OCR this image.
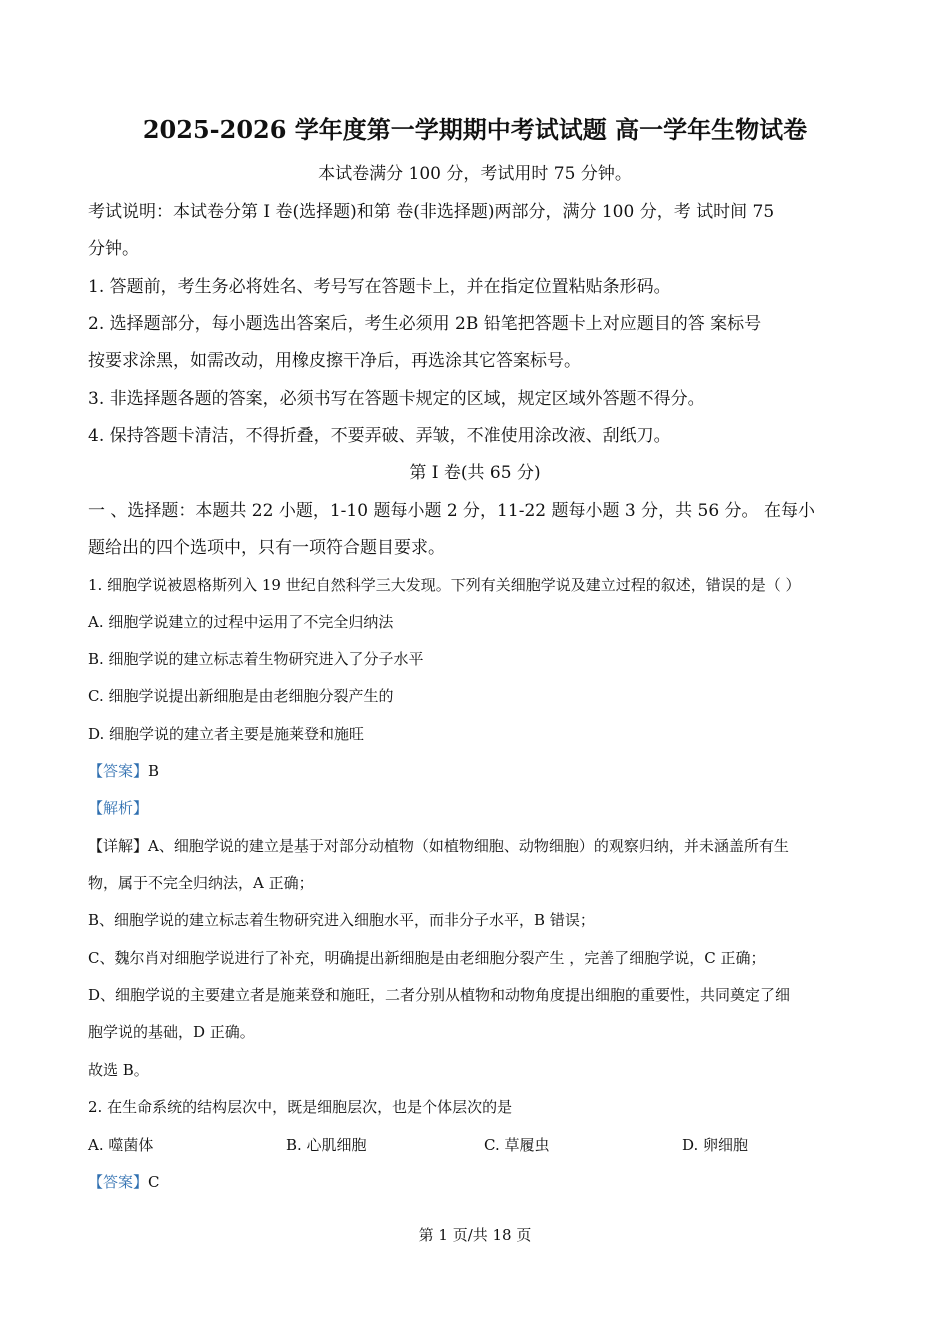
2025-2026 学年度第一学期期中考试试题 高一学年生物试卷
本试卷满分 100 分，考试用时 75 分钟。
考试说明：本试卷分第 I 卷(选择题)和第 卷(非选择题)两部分，满分 100 分，考 试时间 75
分钟。
1. 答题前，考生务必将姓名、考号写在答题卡上，并在指定位置粘贴条形码。
2. 选择题部分，每小题选出答案后，考生必须用 2B 铅笔把答题卡上对应题目的答 案标号
按要求涂黑，如需改动，用橡皮擦干净后，再选涂其它答案标号。
3. 非选择题各题的答案，必须书写在答题卡规定的区域，规定区域外答题不得分。
4. 保持答题卡清洁，不得折叠，不要弄破、弄皱，不准使用涂改液、刮纸刀。
第 I 卷(共 65 分)
一 、选择题：本题共 22 小题，1-10 题每小题 2 分，11-22 题每小题 3 分，共 56 分。 在每小
题给出的四个选项中，只有一项符合题目要求。
1. 细胞学说被恩格斯列入 19 世纪自然科学三大发现。下列有关细胞学说及建立过程的叙述，错误的是（ ）
A. 细胞学说建立的过程中运用了不完全归纳法
B. 细胞学说的建立标志着生物研究进入了分子水平
C. 细胞学说提出新细胞是由老细胞分裂产生的
D. 细胞学说的建立者主要是施莱登和施旺
【答案】B
【解析】
【详解】A、细胞学说的建立是基于对部分动植物（如植物细胞、动物细胞）的观察归纳，并未涵盖所有生
物，属于不完全归纳法，A 正确；
B、细胞学说的建立标志着生物研究进入细胞水平，而非分子水平，B 错误；
C、魏尔肖对细胞学说进行了补充，明确提出新细胞是由老细胞分裂产生 ，完善了细胞学说，C 正确；
D、细胞学说的主要建立者是施莱登和施旺，二者分别从植物和动物角度提出细胞的重要性，共同奠定了细
胞学说的基础，D 正确。
故选 B。
2. 在生命系统的结构层次中，既是细胞层次，也是个体层次的是
A. 噬菌体	B. 心肌细胞	C. 草履虫	D. 卵细胞
【答案】C
第 1 页/共 18 页
